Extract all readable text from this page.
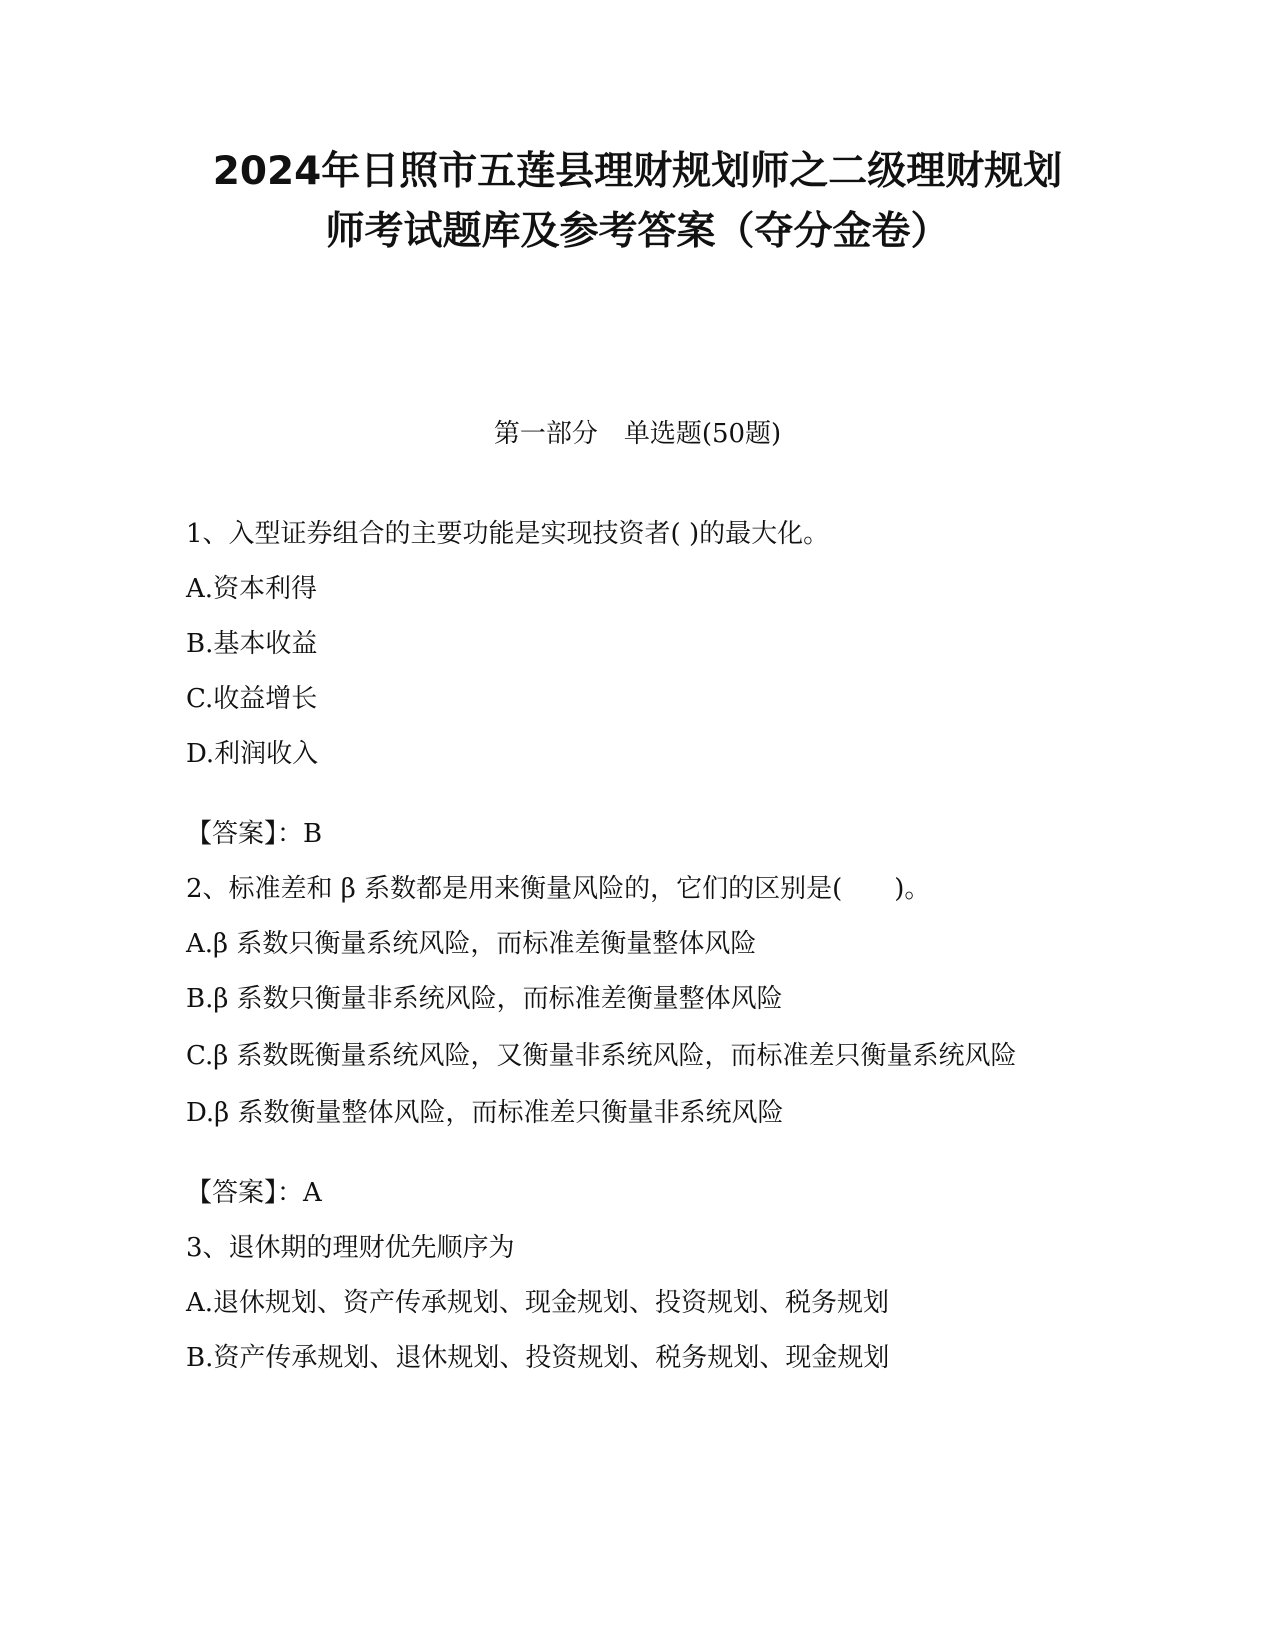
2024年日照市五莲县理财规划师之二级理财规划
师考试题库及参考答案（夺分金卷）
第一部分　单选题(50题)

1、入型证券组合的主要功能是实现技资者( )的最大化。

A.资本利得

B.基本收益

C.收益增长

D.利润收入

【答案】：B

2、标准差和 β 系数都是用来衡量风险的，它们的区别是(　　)。

A.β 系数只衡量系统风险，而标准差衡量整体风险

B.β 系数只衡量非系统风险，而标准差衡量整体风险

C.β 系数既衡量系统风险，又衡量非系统风险，而标准差只衡量系统风险

D.β 系数衡量整体风险，而标准差只衡量非系统风险

【答案】：A

3、退休期的理财优先顺序为

A.退休规划、资产传承规划、现金规划、投资规划、税务规划

B.资产传承规划、退休规划、投资规划、税务规划、现金规划
